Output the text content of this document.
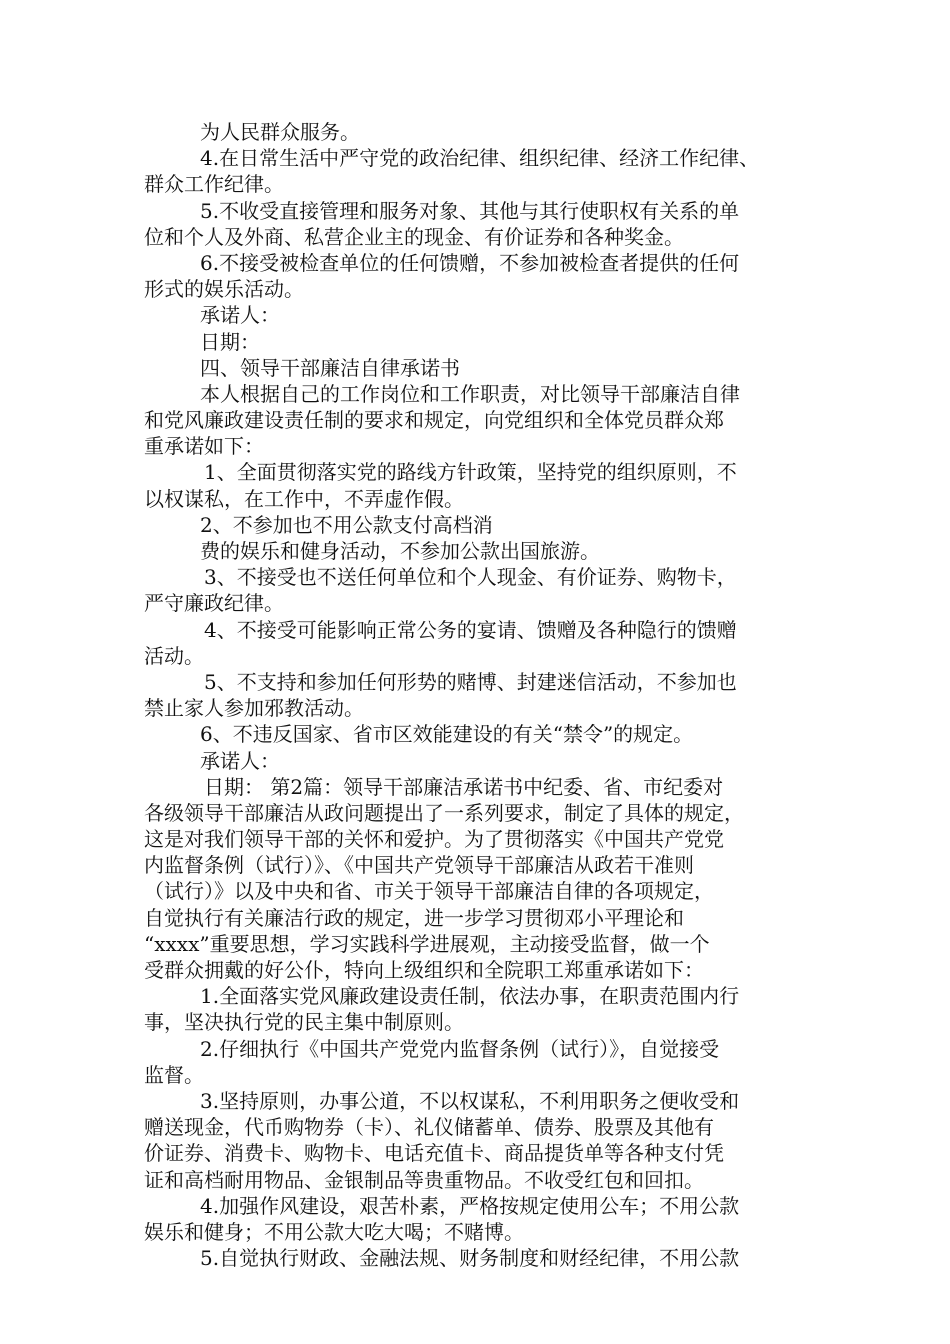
为人民群众服务。
4.在日常生活中严守党的政治纪律、组织纪律、经济工作纪律、
群众工作纪律。
5.不收受直接管理和服务对象、其他与其行使职权有关系的单
位和个人及外商、私营企业主的现金、有价证券和各种奖金。
6.不接受被检查单位的任何馈赠，不参加被检查者提供的任何
形式的娱乐活动。
承诺人：
日期：
四、领导干部廉洁自律承诺书
本人根据自己的工作岗位和工作职责，对比领导干部廉洁自律
和党风廉政建设责任制的要求和规定，向党组织和全体党员群众郑
重承诺如下：
1、全面贯彻落实党的路线方针政策，坚持党的组织原则，不
以权谋私，在工作中，不弄虚作假。
2、不参加也不用公款支付高档消
费的娱乐和健身活动，不参加公款出国旅游。
3、不接受也不送任何单位和个人现金、有价证券、购物卡，
严守廉政纪律。
4、不接受可能影响正常公务的宴请、馈赠及各种隐行的馈赠
活动。
5、不支持和参加任何形势的赌博、封建迷信活动，不参加也
禁止家人参加邪教活动。
6、不违反国家、省市区效能建设的有关“禁令”的规定。
承诺人：
日期： 第2篇：领导干部廉洁承诺书中纪委、省、市纪委对
各级领导干部廉洁从政问题提出了一系列要求，制定了具体的规定，
这是对我们领导干部的关怀和爱护。为了贯彻落实《中国共产党党
内监督条例（试行）》、《中国共产党领导干部廉洁从政若干准则
（试行）》以及中央和省、市关于领导干部廉洁自律的各项规定，
自觉执行有关廉洁行政的规定，进一步学习贯彻邓小平理论和
“xxxx”重要思想，学习实践科学进展观，主动接受监督，做一个
受群众拥戴的好公仆，特向上级组织和全院职工郑重承诺如下：
1.全面落实党风廉政建设责任制，依法办事，在职责范围内行
事，坚决执行党的民主集中制原则。
2.仔细执行《中国共产党党内监督条例（试行）》，自觉接受
监督。
3.坚持原则，办事公道，不以权谋私，不利用职务之便收受和
赠送现金，代币购物券（卡）、礼仪储蓄单、债券、股票及其他有
价证券、消费卡、购物卡、电话充值卡、商品提货单等各种支付凭
证和高档耐用物品、金银制品等贵重物品。不收受红包和回扣。
4.加强作风建设，艰苦朴素，严格按规定使用公车；不用公款
娱乐和健身；不用公款大吃大喝；不赌博。
5.自觉执行财政、金融法规、财务制度和财经纪律，不用公款
